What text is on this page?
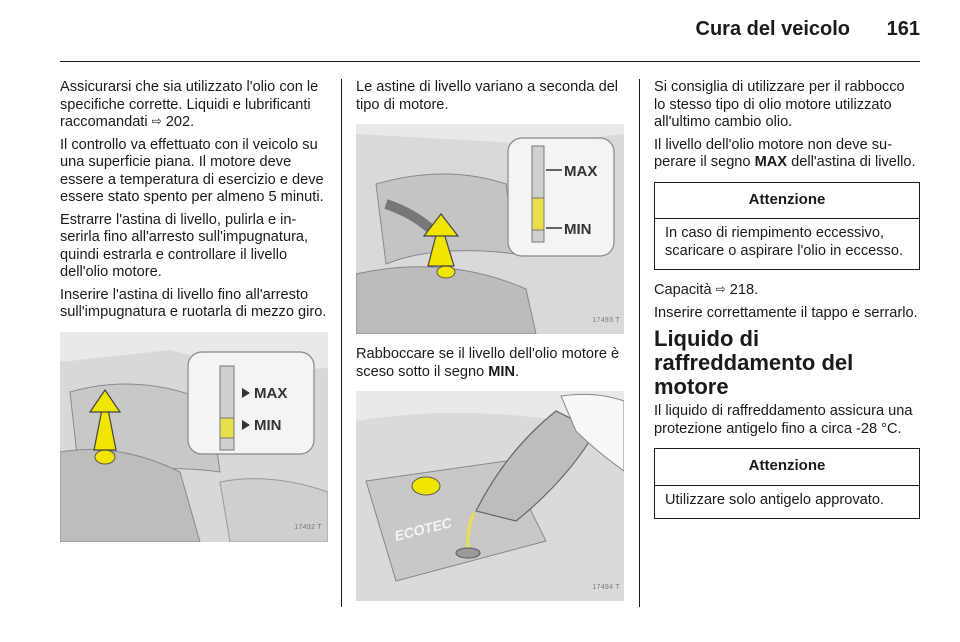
Cura del veicolo	161

Assicurarsi che sia utilizzato l'olio con le specifiche corrette. Liquidi e lubrificanti raccomandati ⇨ 202.

Il controllo va effettuato con il veicolo su una superficie piana. Il motore deve essere a temperatura di esercizio e deve essere stato spento per almeno 5 minuti.

Estrarre l'astina di livello, pulirla e inserirla fino all'arresto sull'impugnatura, quindi estrarla e controllare il livello dell'olio motore.

Inserire l'astina di livello fino all'arresto sull'impugnatura e ruotarla di mezzo giro.

MAX
MIN
17492 T

Le astine di livello variano a seconda del tipo di motore.

MAX
MIN
17493 T

Rabboccare se il livello dell'olio motore è sceso sotto il segno MIN.

ECOTEC
17494 T

Si consiglia di utilizzare per il rabbocco lo stesso tipo di olio motore utilizzato all'ultimo cambio olio.

Il livello dell'olio motore non deve superare il segno MAX dell'astina di livello.

Attenzione
In caso di riempimento eccessivo, scaricare o aspirare l'olio in eccesso.

Capacità ⇨ 218.

Inserire correttamente il tappo e serrarlo.

Liquido di raffreddamento del motore

Il liquido di raffreddamento assicura una protezione antigelo fino a circa -28 °C.

Attenzione
Utilizzare solo antigelo approvato.
